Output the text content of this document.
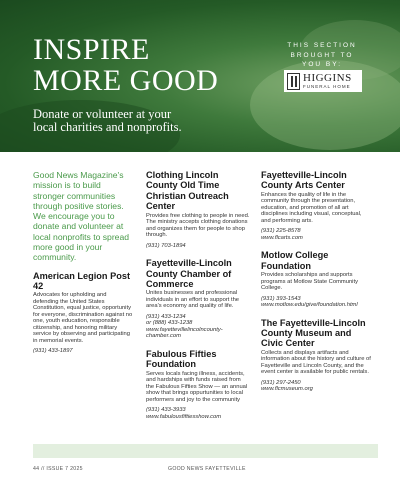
INSPIRE
MORE GOOD
Donate or volunteer at your
local charities and nonprofits.
THIS SECTION
BROUGHT TO
YOU BY:
HIGGINS
FUNERAL HOME

Good News Magazine's mission is to build stronger communities through positive stories. We encourage you to donate and volunteer at local nonprofits to spread more good in your community.

American Legion Post 42

Advocates for upholding and defending the United States Constitution, equal justice, opportunity for everyone, discrimination against no one, youth education, responsible citizenship, and honoring military service by observing and participating in memorial events.

(931) 433-1897

Clothing Lincoln County Old Time Christian Outreach Center

Provides free clothing to people in need. The ministry accepts clothing donations and organizes them for people to shop through.

(931) 703-1894

Fayetteville-Lincoln County Chamber of Commerce

Unites businesses and professional individuals in an effort to support the area's economy and quality of life.

(931) 433-1234

or (888) 433-1238

www.fayettevillelincolncounty-chamber.com

Fabulous Fifties Foundation

Serves locals facing illness, accidents, and hardships with funds raised from the Fabulous Fifties Show — an annual show that brings oppurtunities to local performers and joy to the community

(931) 433-3933

www.fabulousfiftiesshow.com

Fayetteville-Lincoln County Arts Center

Enhances the quality of life in the community through the presentation, education, and promotion of all art disciplines including visual, conceptual, and performing arts.

(931) 225-8578

www.flcarts.com

Motlow College Foundation

Provides scholarships and supports programs at Motlow State Community College.

(931) 393-1543

www.motlow.edu/give/foundation.html

The Fayetteville-Lincoln County Museum and Civic Center

Collects and displays artifacts and information about the history and culture of Fayetteville and Lincoln County, and the event center is available for public rentals.

(931) 297-2450

www.flcmuseum.org

44 // ISSUE 7 2025	GOOD NEWS FAYETTEVILLE
